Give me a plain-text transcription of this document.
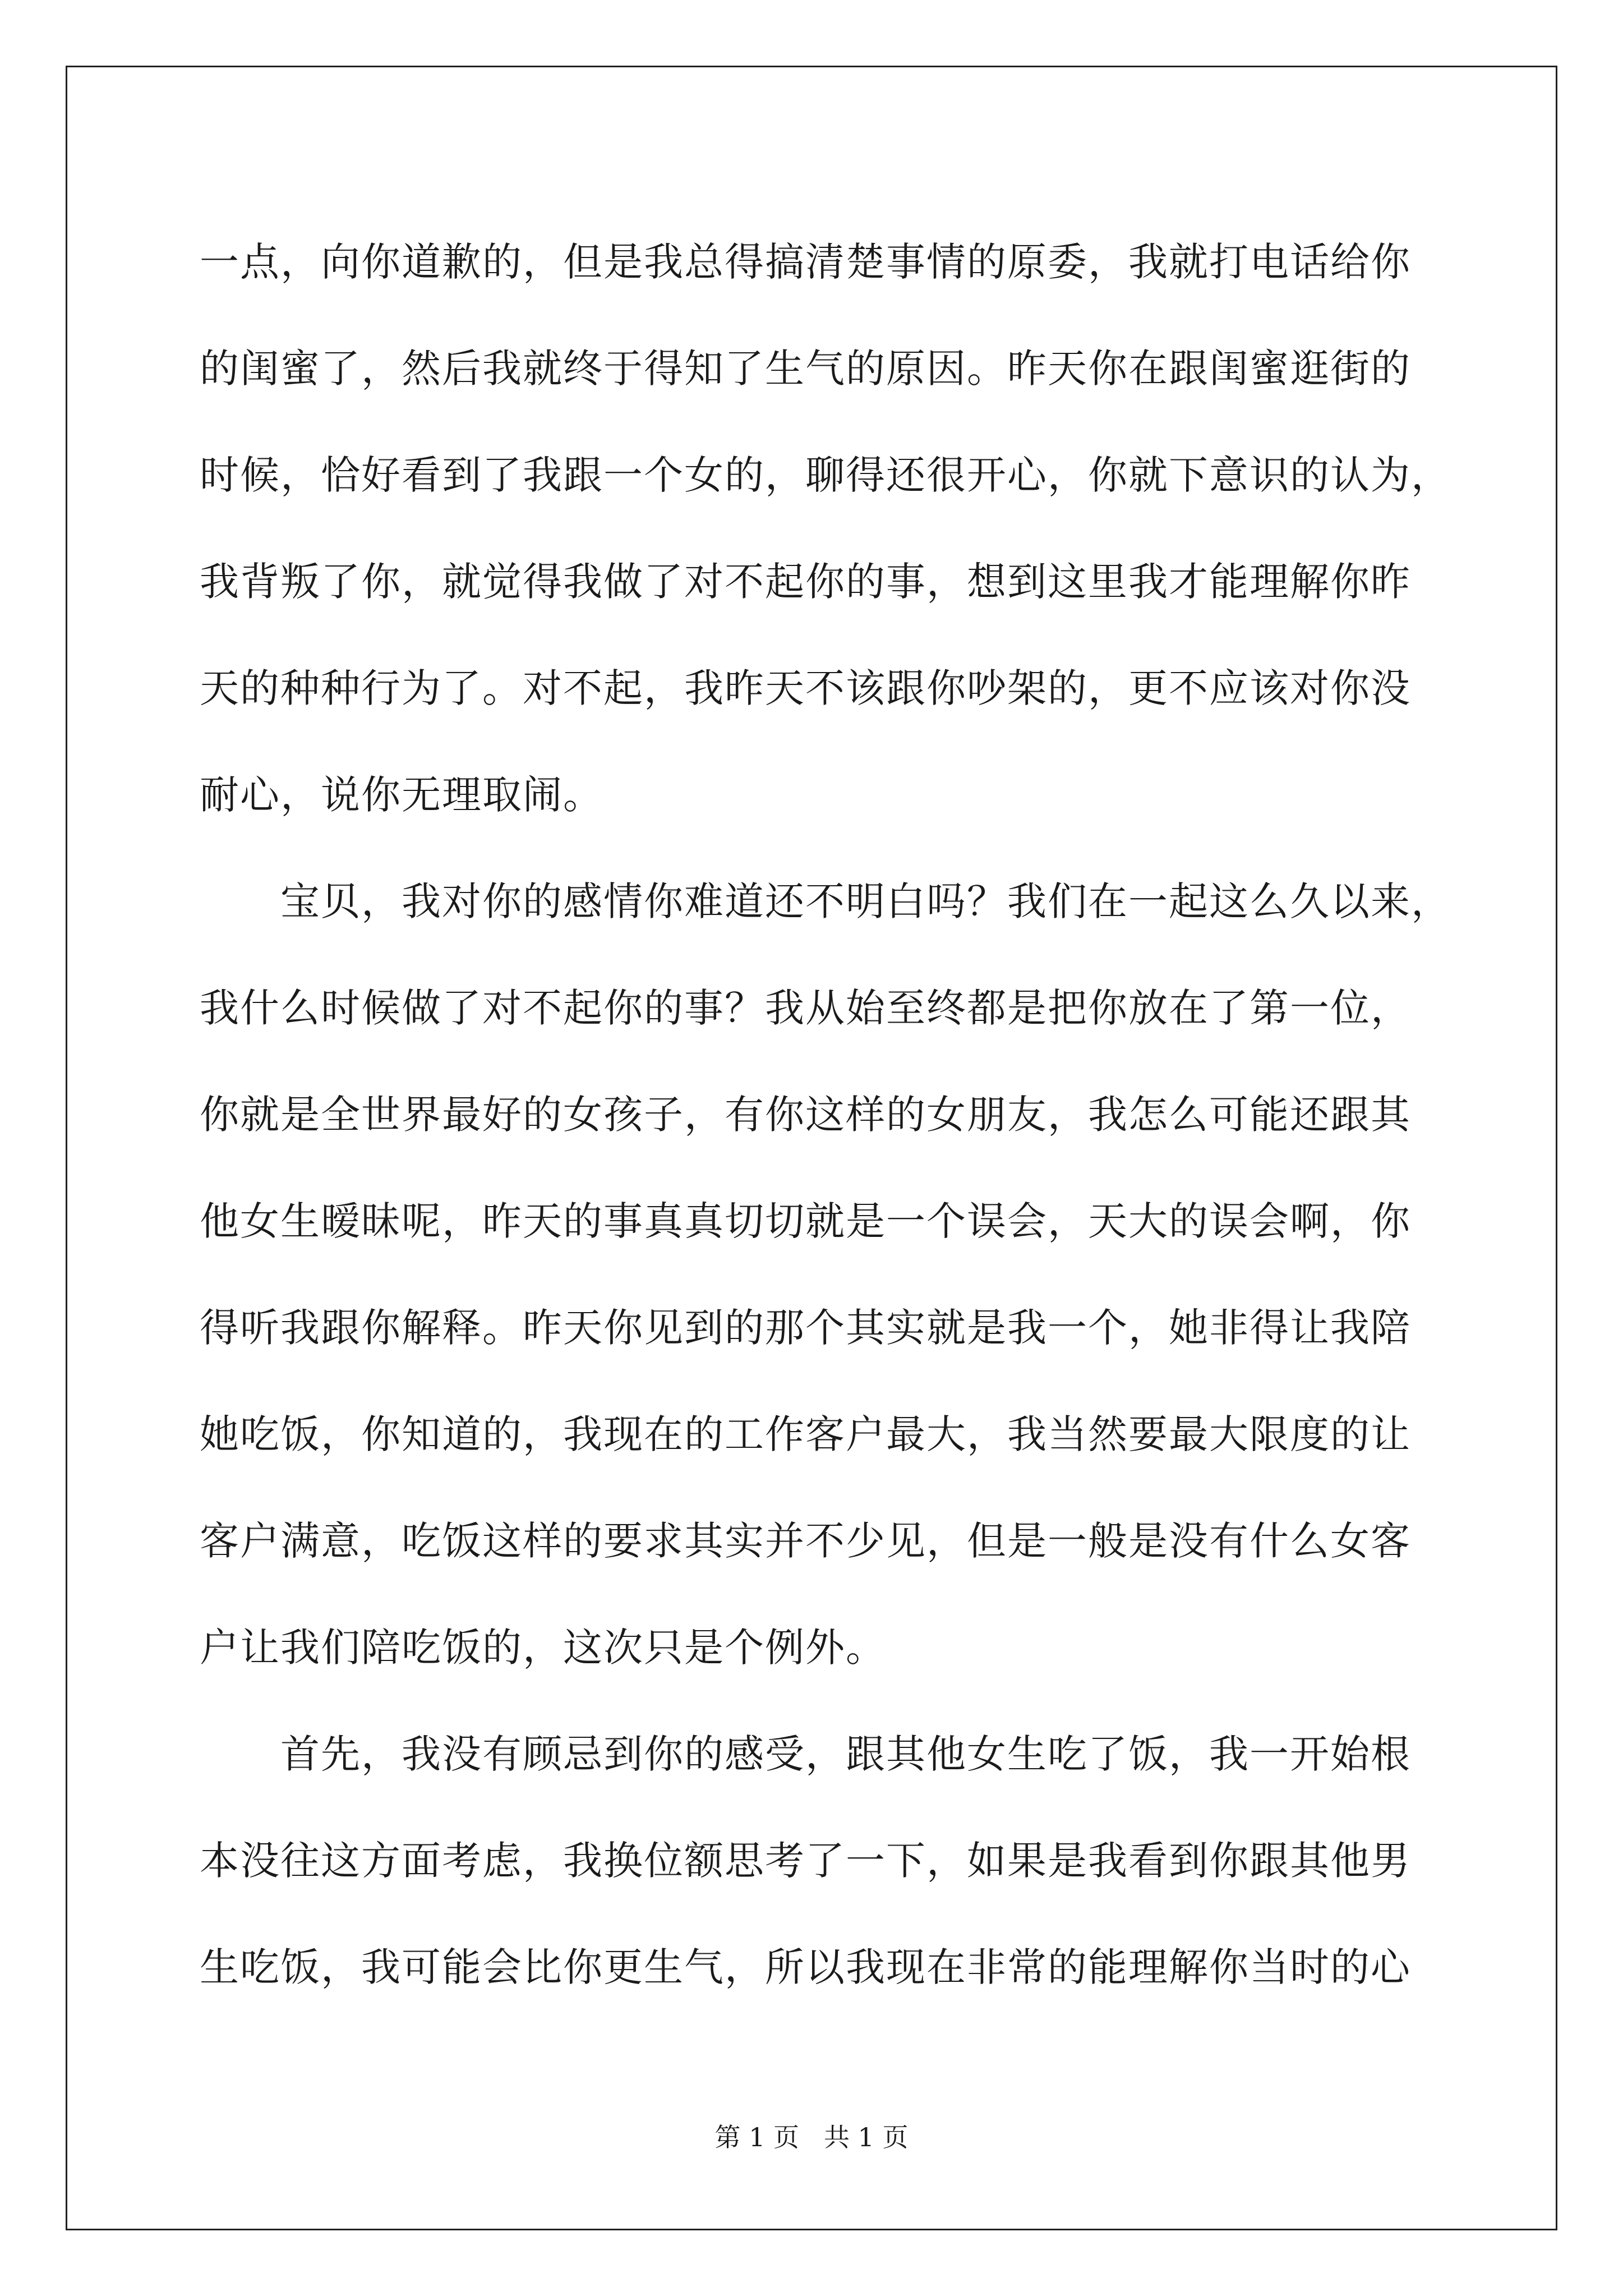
一点，向你道歉的，但是我总得搞清楚事情的原委，我就打电话给你
的闺蜜了，然后我就终于得知了生气的原因。昨天你在跟闺蜜逛街的
时候，恰好看到了我跟一个女的，聊得还很开心，你就下意识的认为，
我背叛了你，就觉得我做了对不起你的事，想到这里我才能理解你昨
天的种种行为了。对不起，我昨天不该跟你吵架的，更不应该对你没
耐心，说你无理取闹。
　　宝贝，我对你的感情你难道还不明白吗？我们在一起这么久以来，
我什么时候做了对不起你的事？我从始至终都是把你放在了第一位，
你就是全世界最好的女孩子，有你这样的女朋友，我怎么可能还跟其
他女生暧昧呢，昨天的事真真切切就是一个误会，天大的误会啊，你
得听我跟你解释。昨天你见到的那个其实就是我一个，她非得让我陪
她吃饭，你知道的，我现在的工作客户最大，我当然要最大限度的让
客户满意，吃饭这样的要求其实并不少见，但是一般是没有什么女客
户让我们陪吃饭的，这次只是个例外。
　　首先，我没有顾忌到你的感受，跟其他女生吃了饭，我一开始根
本没往这方面考虑，我换位额思考了一下，如果是我看到你跟其他男
生吃饭，我可能会比你更生气，所以我现在非常的能理解你当时的心
第 1 页 共 1 页
